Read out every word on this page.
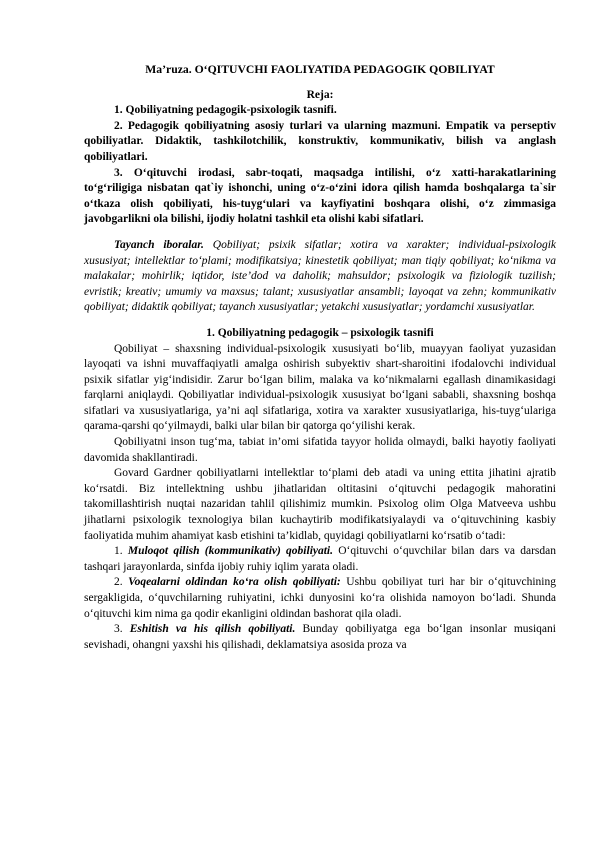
Ma’ruza. O‘QITUVCHI FAOLIYATIDA PEDAGOGIK QOBILIYAT

Reja:

1. Qobiliyatning pedagogik-psixologik tasnifi.

2. Pedagogik qobiliyatning asosiy turlari va ularning mazmuni. Empatik va perseptiv qobiliyatlar. Didaktik, tashkilotchilik, konstruktiv, kommunikativ, bilish va anglash qobiliyatlari.

3. O‘qituvchi irodasi, sabr-toqati, maqsadga intilishi, o‘z xatti-harakatlarining to‘g‘riligiga nisbatan qat`iy ishonchi, uning o‘z-o‘zini idora qilish hamda boshqalarga ta`sir o‘tkaza olish qobiliyati, his-tuyg‘ulari va kayfiyatini boshqara olishi, o‘z zimmasiga javobgarlikni ola bilishi, ijodiy holatni tashkil eta olishi kabi sifatlari.

Tayanch iboralar. Qobiliyat; psixik sifatlar; xotira va xarakter; individual-psixologik xususiyat; intellektlar to‘plami; modifikatsiya; kinestetik qobiliyat; man tiqiy qobiliyat; ko‘nikma va malakalar; mohirlik; iqtidor, iste’dod va daholik; mahsuldor; psixologik va fiziologik tuzilish; evristik; kreativ; umumiy va maxsus; talant; xususiyatlar ansambli; layoqat va zehn; kommunikativ qobiliyat; didaktik qobiliyat; tayanch xususiyatlar; yetakchi xususiyatlar; yordamchi xususiyatlar.

1. Qobiliyatning pedagogik – psixologik tasnifi

Qobiliyat – shaxsning individual-psixologik xususiyati bo‘lib, muayyan faoliyat yuzasidan layoqati va ishni muvaffaqiyatli amalga oshirish subyektiv shart-sharoitini ifodalovchi individual psixik sifatlar yig‘indisidir. Zarur bo‘lgan bilim, malaka va ko‘nikmalarni egallash dinamikasidagi farqlarni aniqlaydi. Qobiliyatlar individual-psixologik xususiyat bo‘lgani sababli, shaxsning boshqa sifatlari va xususiyatlariga, ya’ni aql sifatlariga, xotira va xarakter xususiyatlariga, his-tuyg‘ulariga qarama-qarshi qo‘yilmaydi, balki ular bilan bir qatorga qo‘yilishi kerak.

Qobiliyatni inson tug‘ma, tabiat in’omi sifatida tayyor holida olmaydi, balki hayotiy faoliyati davomida shakllantiradi.

Govard Gardner qobiliyatlarni intellektlar to‘plami deb atadi va uning ettita jihatini ajratib ko‘rsatdi. Biz intellektning ushbu jihatlaridan oltitasini o‘qituvchi pedagogik mahoratini takomillashtirish nuqtai nazaridan tahlil qilishimiz mumkin. Psixolog olim Olga Matveeva ushbu jihatlarni psixologik texnologiya bilan kuchaytirib modifikatsiyalaydi va o‘qituvchining kasbiy faoliyatida muhim ahamiyat kasb etishini ta’kidlab, quyidagi qobiliyatlarni ko‘rsatib o‘tadi:

1. Muloqot qilish (kommunikativ) qobiliyati. O‘qituvchi o‘quvchilar bilan dars va darsdan tashqari jarayonlarda, sinfda ijobiy ruhiy iqlim yarata oladi.

2. Voqealarni oldindan ko‘ra olish qobiliyati: Ushbu qobiliyat turi har bir o‘qituvchining sergakligida, o‘quvchilarning ruhiyatini, ichki dunyosini ko‘ra olishida namoyon bo‘ladi. Shunda o‘qituvchi kim nima ga qodir ekanligini oldindan bashorat qila oladi.

3. Eshitish va his qilish qobiliyati. Bunday qobiliyatga ega bo‘lgan insonlar musiqani sevishadi, ohangni yaxshi his qilishadi, deklamatsiya asosida proza va
